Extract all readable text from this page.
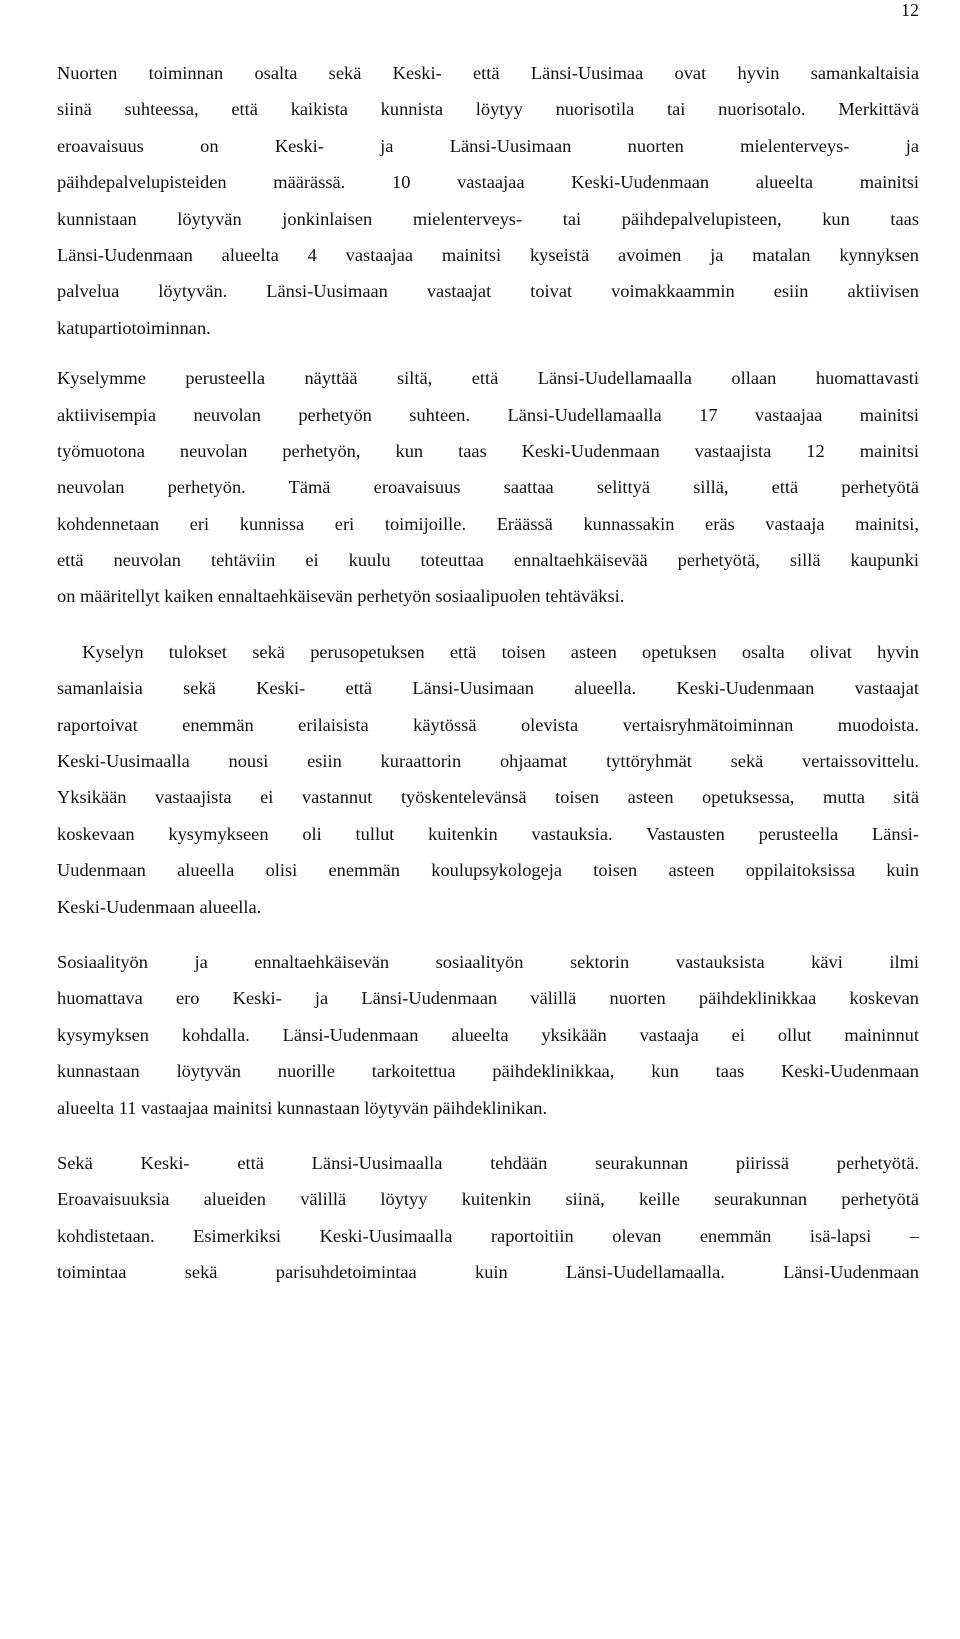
12
Nuorten toiminnan osalta sekä Keski- että Länsi-Uusimaa ovat hyvin samankaltaisia
siinä suhteessa, että kaikista kunnista löytyy nuorisotila tai nuorisotalo. Merkittävä
eroavaisuus on Keski- ja Länsi-Uusimaan nuorten mielenterveys- ja
päihdepalvelupisteiden määrässä. 10 vastaajaa Keski-Uudenmaan alueelta mainitsi
kunnistaan löytyvän jonkinlaisen mielenterveys- tai päihdepalvelupisteen, kun taas
Länsi-Uudenmaan alueelta 4 vastaajaa mainitsi kyseistä avoimen ja matalan kynnyksen
palvelua löytyvän. Länsi-Uusimaan vastaajat toivat voimakkaammin esiin aktiivisen
katupartiotoiminnan.
Kyselymme perusteella näyttää siltä, että Länsi-Uudellamaalla ollaan huomattavasti
aktiivisempia neuvolan perhetyön suhteen. Länsi-Uudellamaalla 17 vastaajaa mainitsi
työmuotona neuvolan perhetyön, kun taas Keski-Uudenmaan vastaajista 12 mainitsi
neuvolan perhetyön. Tämä eroavaisuus saattaa selittyä sillä, että perhetyötä
kohdennetaan eri kunnissa eri toimijoille. Eräässä kunnassakin eräs vastaaja mainitsi,
että neuvolan tehtäviin ei kuulu toteuttaa ennaltaehkäisevää perhetyötä, sillä kaupunki
on määritellyt kaiken ennaltaehkäisevän perhetyön sosiaalipuolen tehtäväksi.
Kyselyn tulokset sekä perusopetuksen että toisen asteen opetuksen osalta olivat hyvin
samanlaisia sekä Keski- että Länsi-Uusimaan alueella. Keski-Uudenmaan vastaajat
raportoivat enemmän erilaisista käytössä olevista vertaisryhmätoiminnan muodoista.
Keski-Uusimaalla nousi esiin kuraattorin ohjaamat tyttöryhmät sekä vertaissovittelu.
Yksikään vastaajista ei vastannut työskentelevänsä toisen asteen opetuksessa, mutta sitä
koskevaan kysymykseen oli tullut kuitenkin vastauksia. Vastausten perusteella Länsi-
Uudenmaan alueella olisi enemmän koulupsykologeja toisen asteen oppilaitoksissa kuin
Keski-Uudenmaan alueella.
Sosiaalityön ja ennaltaehkäisevän sosiaalityön sektorin vastauksista kävi ilmi
huomattava ero Keski- ja Länsi-Uudenmaan välillä nuorten päihdeklinikkaa koskevan
kysymyksen kohdalla. Länsi-Uudenmaan alueelta yksikään vastaaja ei ollut maininnut
kunnastaan löytyvän nuorille tarkoitettua päihdeklinikkaa, kun taas Keski-Uudenmaan
alueelta 11 vastaajaa mainitsi kunnastaan löytyvän päihdeklinikan.
Sekä Keski- että Länsi-Uusimaalla tehdään seurakunnan piirissä perhetyötä.
Eroavaisuuksia alueiden välillä löytyy kuitenkin siinä, keille seurakunnan perhetyötä
kohdistetaan. Esimerkiksi Keski-Uusimaalla raportoitiin olevan enemmän isä-lapsi –
toimintaa sekä parisuhdetoimintaa kuin Länsi-Uudellamaalla. Länsi-Uudenmaan
